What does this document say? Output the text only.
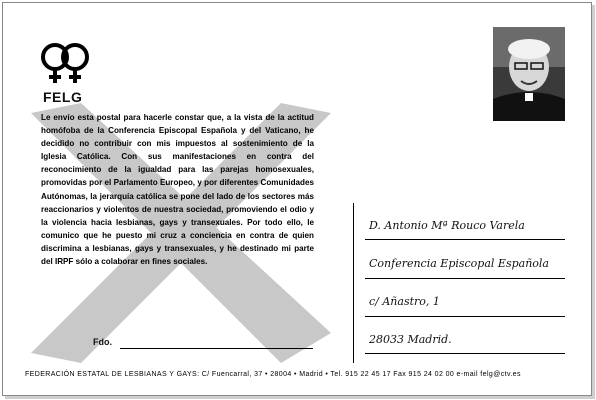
FELG
Le envío esta postal para hacerle constar que, a la vista de la actitud homófoba de la Conferencia Episcopal Española y del Vaticano, he decidido no contribuir con mis impuestos al sostenimiento de la Iglesia Católica. Con sus manifestaciones en contra del reconocimiento de la igualdad para las parejas homosexuales, promovidas por el Parlamento Europeo, y por diferentes Comunidades Autónomas, la jerarquía católica se pone del lado de los sectores más reaccionarios y violentos de nuestra sociedad, promoviendo el odio y la violencia hacia lesbianas, gays y transexuales. Por todo ello, le comunico que he puesto mi cruz a conciencia en contra de quien discrimina a lesbianas, gays y transexuales, y he destinado mi parte del IRPF sólo a colaborar en fines sociales.
Fdo.
D. Antonio Mª Rouco Varela
Conferencia Episcopal Española
c/ Añastro, 1
28033 Madrid.
FEDERACIÓN ESTATAL DE LESBIANAS Y GAYS: C/ Fuencarral, 37 • 28004 • Madrid • Tel. 915 22 45 17 Fax 915 24 02 00 e-mail felg@ctv.es
